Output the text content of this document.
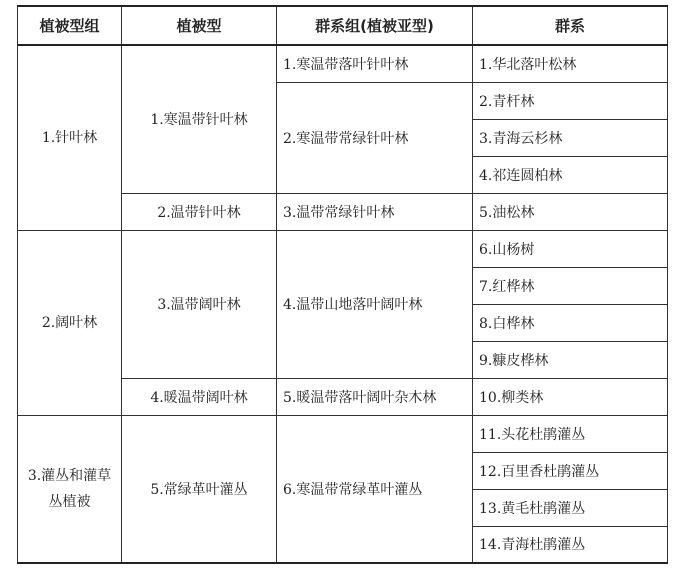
植被型组	植被型	群系组(植被亚型)	群系
1.针叶林	1.寒温带针叶林	1.寒温带落叶针叶林	1.华北落叶松林
		2.寒温带常绿针叶林	2.青杆林
			3.青海云杉林
			4.祁连圆柏林
	2.温带针叶林	3.温带常绿针叶林	5.油松林
2.阔叶林	3.温带阔叶林	4.温带山地落叶阔叶林	6.山杨树
			7.红桦林
			8.白桦林
			9.糠皮桦林
	4.暖温带阔叶林	5.暖温带落叶阔叶杂木林	10.柳类林
3.灌丛和灌草丛植被	5.常绿革叶灌丛	6.寒温带常绿革叶灌丛	11.头花杜鹃灌丛
			12.百里香杜鹃灌丛
			13.黄毛杜鹃灌丛
			14.青海杜鹃灌丛
